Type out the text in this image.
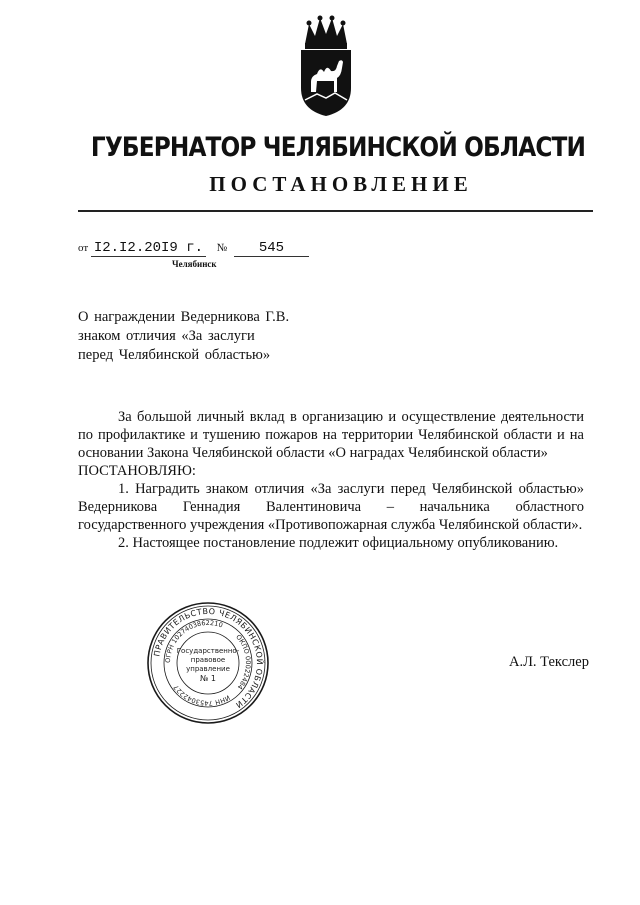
ГУБЕРНАТОР ЧЕЛЯБИНСКОЙ ОБЛАСТИ
ПОСТАНОВЛЕНИЕ
от I2.I2.20I9 г. № 545
Челябинск
О награждении Ведерникова Г.В.
знаком отличия «За заслуги
перед Челябинской областью»

За большой личный вклад в организацию и осуществление деятельности по профилактике и тушению пожаров на территории Челябинской области и на основании Закона Челябинской области «О наградах Челябинской области»

ПОСТАНОВЛЯЮ:

1. Наградить знаком отличия «За заслуги перед Челябинской областью» Ведерникова Геннадия Валентиновича – начальника областного государственного учреждения «Противопожарная служба Челябинской области».

2. Настоящее постановление подлежит официальному опубликованию.

ПРАВИТЕЛЬСТВО ЧЕЛЯБИНСКОЙ ОБЛАСТИ
ОГРН 1027403862210
ОКПО 00022484
ИНН 7453042227
Государственно-
правовое
управление
№ 1
А.Л. Текслер
